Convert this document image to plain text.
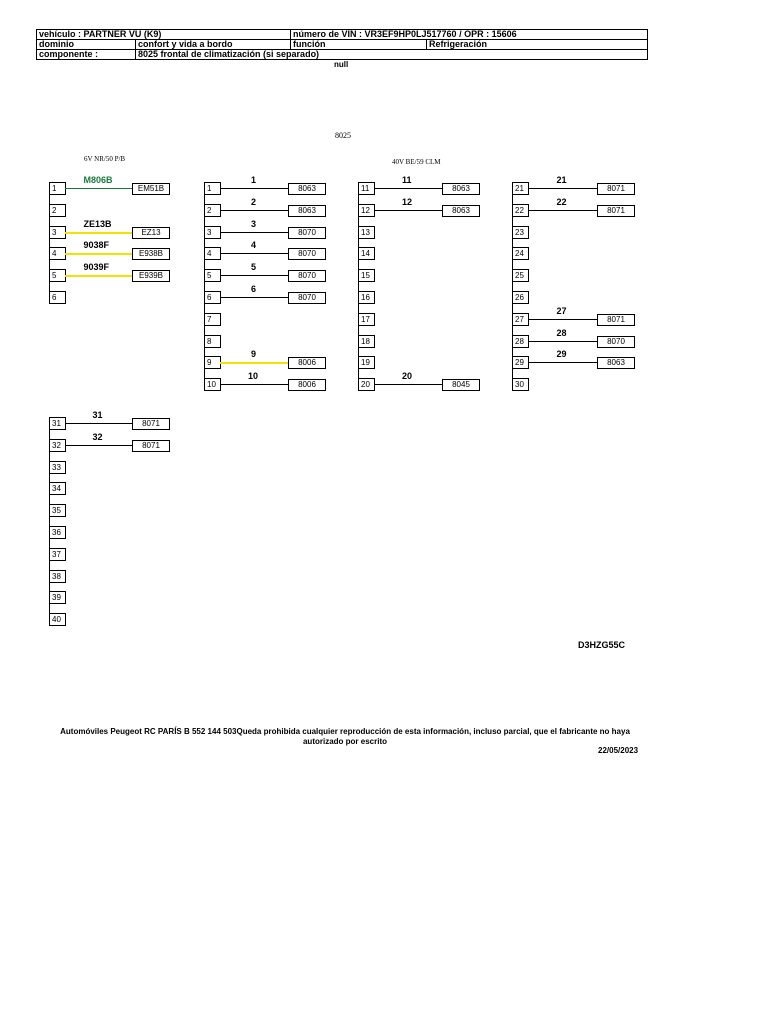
vehículo : PARTNER VU (K9)		número de VIN : VR3EF9HP0LJ517760 / OPR : 15606	
dominio	confort y vida a bordo	función	Refrigeración
componente :	8025 frontal de climatización (si separado)		
null
8025
6V NR/50 P/B	40V BE/59 CLM
1
M806B
EM51B
2
3
ZE13B
EZ13
4
9038F
E938B
5
9039F
E939B
6
1
1
8063
2
2
8063
3
3
8070
4
4
8070
5
5
8070
6
6
8070
7
8
9
9
8006
10
10
8006
11
11
8063
12
12
8063
13
14
15
16
17
18
19
20
20
8045
21
21
8071
22
22
8071
23
24
25
26
27
27
8071
28
28
8070
29
29
8063
30
31
31
8071
32
32
8071
33
34
35
36
37
38
39
40
D3HZG55C
Automóviles Peugeot RC PARÍS B 552 144 503Queda prohibida cualquier reproducción de esta información, incluso parcial, que el fabricante no haya autorizado por escrito
22/05/2023
